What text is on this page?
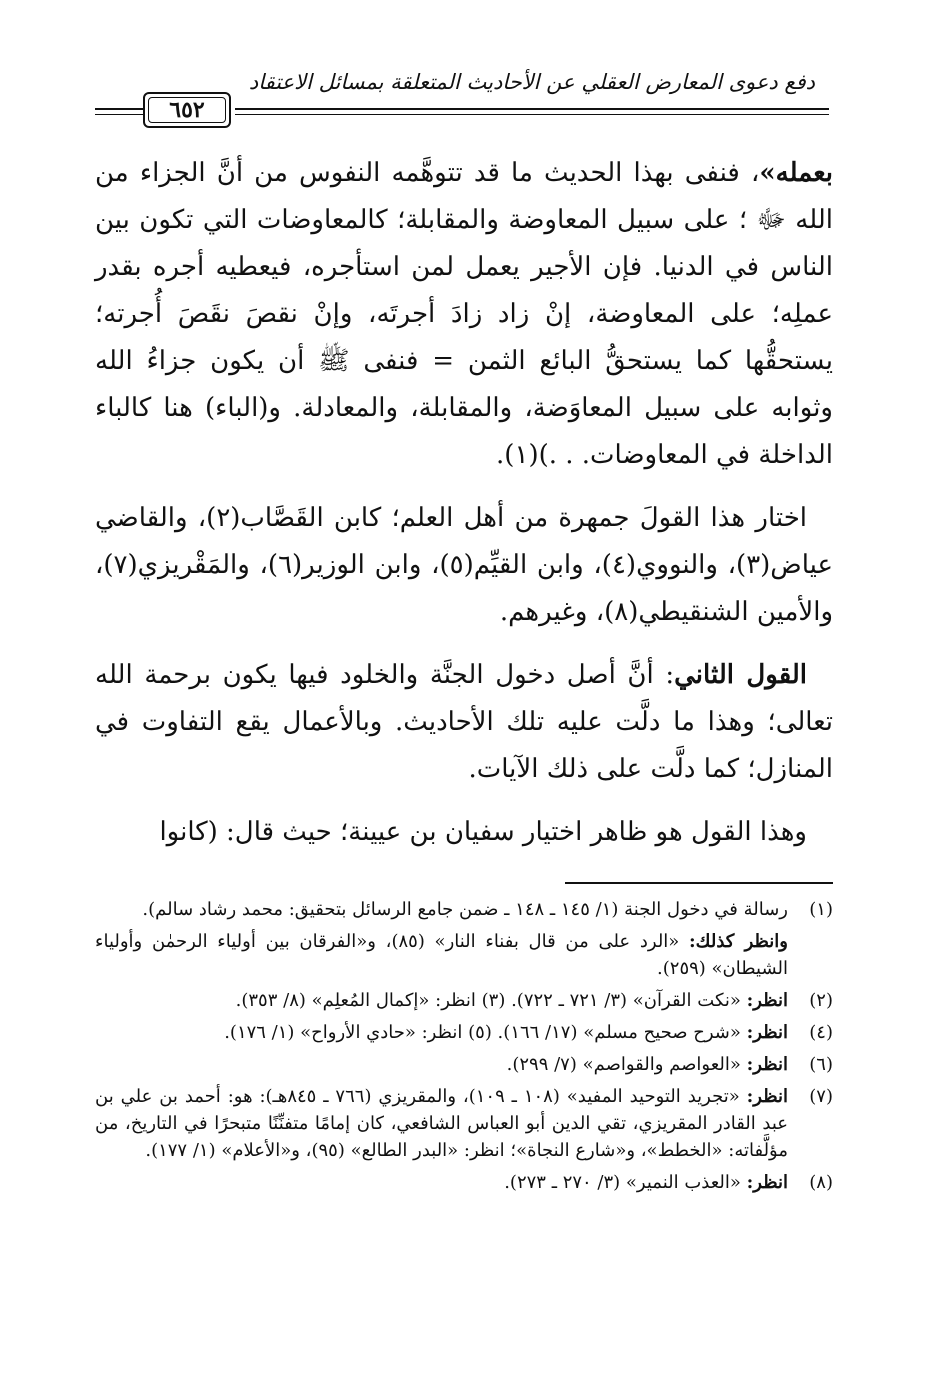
دفع دعوى المعارض العقلي عن الأحاديث المتعلقة بمسائل الاعتقاد
٦٥٢

بعمله»، فنفى بهذا الحديث ما قد تتوهَّمه النفوس من أنَّ الجزاء من الله ﷻ ؛ على سبيل المعاوضة والمقابلة؛ كالمعاوضات التي تكون بين الناس في الدنيا. فإن الأجير يعمل لمن استأجره، فيعطيه أجره بقدر عملِه؛ على المعاوضة، إنْ زاد زادَ أجرتَه، وإنْ نقصَ نقَصَ أُجرته؛ يستحقُّها كما يستحقُّ البائع الثمن = فنفى ﷺ أن يكون جزاءُ الله وثوابه على سبيل المعاوَضة، والمقابلة، والمعادلة. و(الباء) هنا كالباء الداخلة في المعاوضات. . .)(١).

اختار هذا القولَ جمهرة من أهل العلم؛ كابن القَصَّاب(٢)، والقاضي عياض(٣)، والنووي(٤)، وابن القيِّم(٥)، وابن الوزير(٦)، والمَقْريزي(٧)، والأمين الشنقيطي(٨)، وغيرهم.

القول الثاني: أنَّ أصل دخول الجنَّة والخلود فيها يكون برحمة الله تعالى؛ وهذا ما دلَّت عليه تلك الأحاديث. وبالأعمال يقع التفاوت في المنازل؛ كما دلَّت على ذلك الآيات.

وهذا القول هو ظاهر اختيار سفيان بن عيينة؛ حيث قال: (كانوا

(١)
رسالة في دخول الجنة (١/ ١٤٥ ـ ١٤٨ ـ ضمن جامع الرسائل بتحقيق: محمد رشاد سالم).
وانظر كذلك: «الرد على من قال بفناء النار» (٨٥)، و«الفرقان بين أولياء الرحمٰن وأولياء الشيطان» (٢٥٩).
(٢)
انظر: «نكت القرآن» (٣/ ٧٢١ ـ ٧٢٢). (٣) انظر: «إكمال المُعلِم» (٨/ ٣٥٣).
(٤)
انظر: «شرح صحيح مسلم» (١٧/ ١٦٦). (٥) انظر: «حادي الأرواح» (١/ ١٧٦).
(٦)
انظر: «العواصم والقواصم» (٧/ ٢٩٩).
(٧)
انظر: «تجريد التوحيد المفيد» (١٠٨ ـ ١٠٩)، والمقريزي (٧٦٦ ـ ٨٤٥هـ): هو: أحمد بن علي بن عبد القادر المقريزي، تقي الدين أبو العباس الشافعي، كان إمامًا متفنِّنًا متبحرًا في التاريخ، من مؤلَّفاته: «الخطط»، و«شارع النجاة»؛ انظر: «البدر الطالع» (٩٥)، و«الأعلام» (١/ ١٧٧).
(٨)
انظر: «العذب النمير» (٣/ ٢٧٠ ـ ٢٧٣).
